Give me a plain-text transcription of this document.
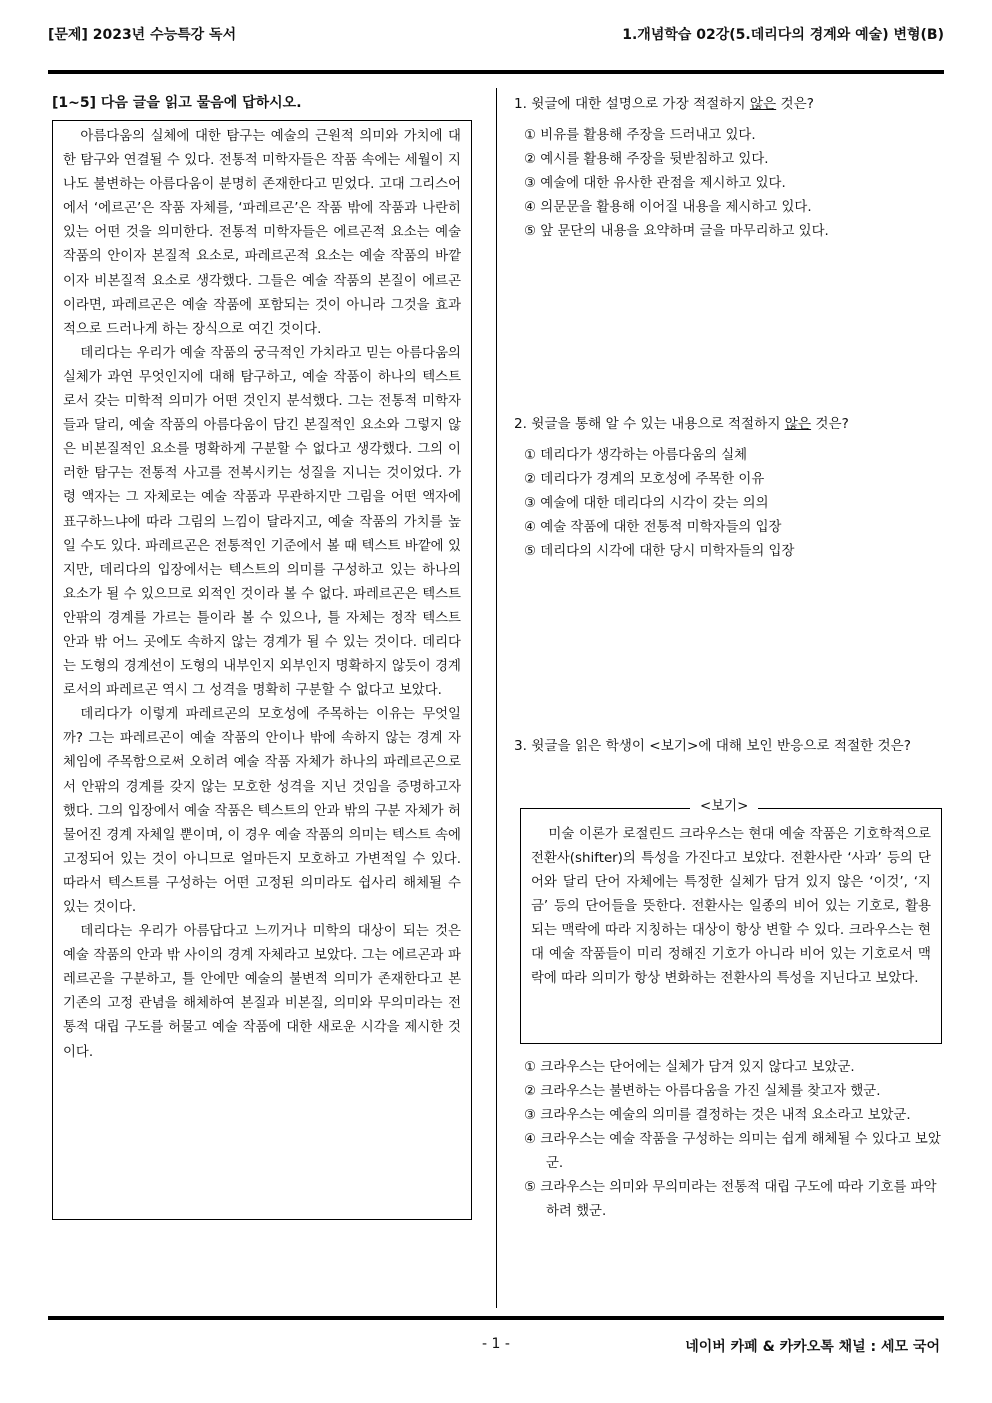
[문제] 2023년 수능특강 독서	1.개념학습 02강(5.데리다의 경계와 예술) 변형(B)
[1~5] 다음 글을 읽고 물음에 답하시오.

아름다움의 실체에 대한 탐구는 예술의 근원적 의미와 가치에 대한 탐구와 연결될 수 있다. 전통적 미학자들은 작품 속에는 세월이 지나도 불변하는 아름다움이 분명히 존재한다고 믿었다. 고대 그리스어에서 ‘에르곤’은 작품 자체를, ‘파레르곤’은 작품 밖에 작품과 나란히 있는 어떤 것을 의미한다. 전통적 미학자들은 에르곤적 요소는 예술 작품의 안이자 본질적 요소로, 파레르곤적 요소는 예술 작품의 바깥이자 비본질적 요소로 생각했다. 그들은 예술 작품의 본질이 에르곤이라면, 파레르곤은 예술 작품에 포함되는 것이 아니라 그것을 효과적으로 드러나게 하는 장식으로 여긴 것이다.

데리다는 우리가 예술 작품의 궁극적인 가치라고 믿는 아름다움의 실체가 과연 무엇인지에 대해 탐구하고, 예술 작품이 하나의 텍스트로서 갖는 미학적 의미가 어떤 것인지 분석했다. 그는 전통적 미학자들과 달리, 예술 작품의 아름다움이 담긴 본질적인 요소와 그렇지 않은 비본질적인 요소를 명확하게 구분할 수 없다고 생각했다. 그의 이러한 탐구는 전통적 사고를 전복시키는 성질을 지니는 것이었다. 가령 액자는 그 자체로는 예술 작품과 무관하지만 그림을 어떤 액자에 표구하느냐에 따라 그림의 느낌이 달라지고, 예술 작품의 가치를 높일 수도 있다. 파레르곤은 전통적인 기준에서 볼 때 텍스트 바깥에 있지만, 데리다의 입장에서는 텍스트의 의미를 구성하고 있는 하나의 요소가 될 수 있으므로 외적인 것이라 볼 수 없다. 파레르곤은 텍스트 안팎의 경계를 가르는 틀이라 볼 수 있으나, 틀 자체는 정작 텍스트 안과 밖 어느 곳에도 속하지 않는 경계가 될 수 있는 것이다. 데리다는 도형의 경계선이 도형의 내부인지 외부인지 명확하지 않듯이 경계로서의 파레르곤 역시 그 성격을 명확히 구분할 수 없다고 보았다.

데리다가 이렇게 파레르곤의 모호성에 주목하는 이유는 무엇일까? 그는 파레르곤이 예술 작품의 안이나 밖에 속하지 않는 경계 자체임에 주목함으로써 오히려 예술 작품 자체가 하나의 파레르곤으로서 안팎의 경계를 갖지 않는 모호한 성격을 지닌 것임을 증명하고자 했다. 그의 입장에서 예술 작품은 텍스트의 안과 밖의 구분 자체가 허물어진 경계 자체일 뿐이며, 이 경우 예술 작품의 의미는 텍스트 속에 고정되어 있는 것이 아니므로 얼마든지 모호하고 가변적일 수 있다. 따라서 텍스트를 구성하는 어떤 고정된 의미라도 쉽사리 해체될 수 있는 것이다.

데리다는 우리가 아름답다고 느끼거나 미학의 대상이 되는 것은 예술 작품의 안과 밖 사이의 경계 자체라고 보았다. 그는 에르곤과 파레르곤을 구분하고, 틀 안에만 예술의 불변적 의미가 존재한다고 본 기존의 고정 관념을 해체하여 본질과 비본질, 의미와 무의미라는 전통적 대립 구도를 허물고 예술 작품에 대한 새로운 시각을 제시한 것이다.

1. 윗글에 대한 설명으로 가장 적절하지 않은 것은?

① 비유를 활용해 주장을 드러내고 있다.
② 예시를 활용해 주장을 뒷받침하고 있다.
③ 예술에 대한 유사한 관점을 제시하고 있다.
④ 의문문을 활용해 이어질 내용을 제시하고 있다.
⑤ 앞 문단의 내용을 요약하며 글을 마무리하고 있다.

2. 윗글을 통해 알 수 있는 내용으로 적절하지 않은 것은?

① 데리다가 생각하는 아름다움의 실체
② 데리다가 경계의 모호성에 주목한 이유
③ 예술에 대한 데리다의 시각이 갖는 의의
④ 예술 작품에 대한 전통적 미학자들의 입장
⑤ 데리다의 시각에 대한 당시 미학자들의 입장

3. 윗글을 읽은 학생이 <보기>에 대해 보인 반응으로 적절한 것은?

미술 이론가 로절린드 크라우스는 현대 예술 작품은 기호학적으로 전환사(shifter)의 특성을 가진다고 보았다. 전환사란 ‘사과’ 등의 단어와 달리 단어 자체에는 특정한 실체가 담겨 있지 않은 ‘이것’, ‘지금’ 등의 단어들을 뜻한다. 전환사는 일종의 비어 있는 기호로, 활용되는 맥락에 따라 지칭하는 대상이 항상 변할 수 있다. 크라우스는 현대 예술 작품들이 미리 정해진 기호가 아니라 비어 있는 기호로서 맥락에 따라 의미가 항상 변화하는 전환사의 특성을 지닌다고 보았다.

<보기>
① 크라우스는 단어에는 실체가 담겨 있지 않다고 보았군.
② 크라우스는 불변하는 아름다움을 가진 실체를 찾고자 했군.
③ 크라우스는 예술의 의미를 결정하는 것은 내적 요소라고 보았군.
④ 크라우스는 예술 작품을 구성하는 의미는 쉽게 해체될 수 있다고 보았군.
⑤ 크라우스는 의미와 무의미라는 전통적 대립 구도에 따라 기호를 파악하려 했군.
- 1 -	네이버 카페 & 카카오톡 채널 : 세모 국어
